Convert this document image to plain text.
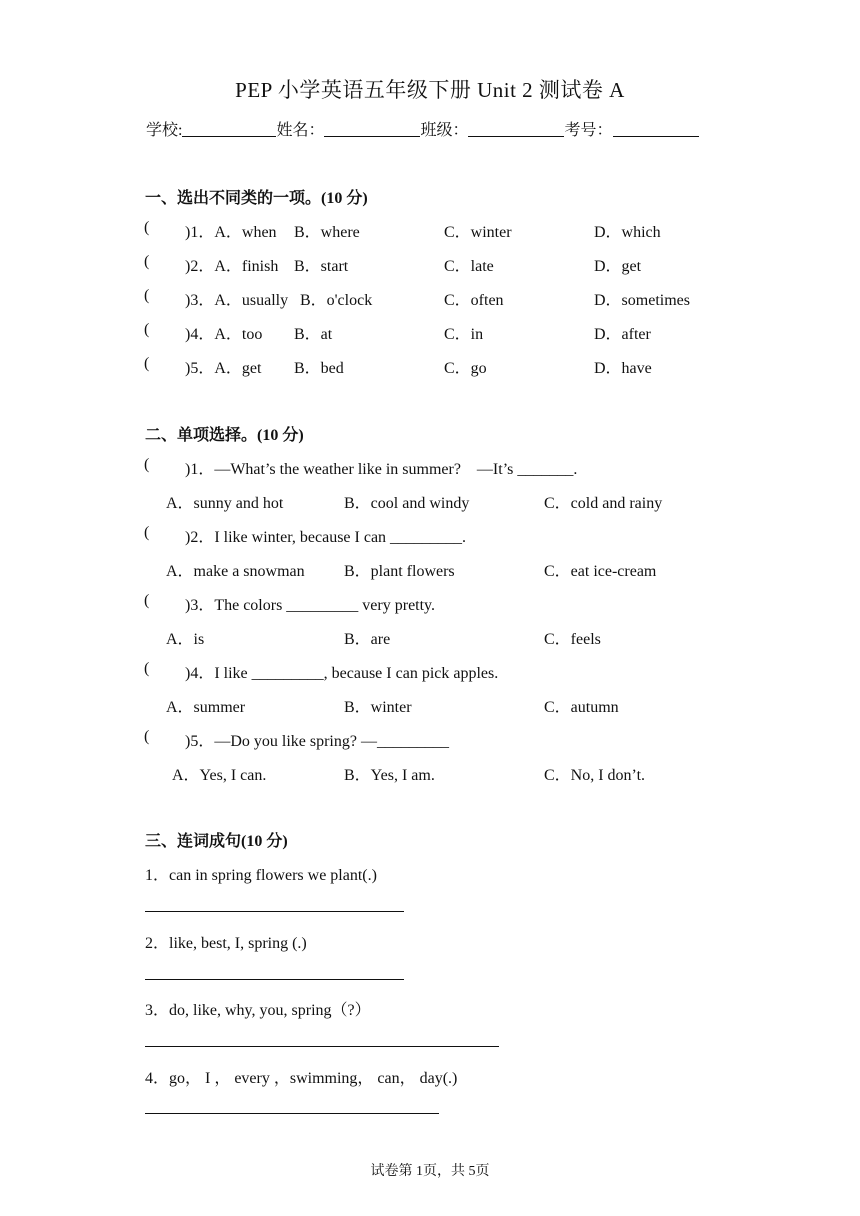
PEP 小学英语五年级下册 Unit 2 测试卷 A
学校:	姓名：	班级：	考号：
一、选出不同类的一项。(10 分)
( )1．A．when B．where	C．winter	D．which
( )2．A．finish B．start	C．late	D．get
( )3．A．usually B．o'clock	C．often	D．sometimes
( )4．A．too B．at	C．in	D．after
( )5．A．get B．bed	C．go	D．have
二、单项选择。(10 分)
( )1．—What’s the weather like in summer?　—It’s _______.
A．sunny and hot	B．cool and windy	C．cold and rainy
( )2．I like winter, because I can _________.
A．make a snowman B．plant flowers	C．eat ice-cream
( )3．The colors _________ very pretty.
A．is	B．are	C．feels
( )4．I like _________, because I can pick apples.
A．summer	B．winter	C．autumn
( )5．—Do you like spring? —_________
A．Yes, I can.	B．Yes, I am.	C．No, I don’t.
三、连词成句(10 分)
1．can in spring flowers we plant(.)
2．like, best, I, spring (.)
3．do, like, why, you, spring（?）
4．go， I ， every ，swimming， can， day(.)
试卷第 1页，共 5页
